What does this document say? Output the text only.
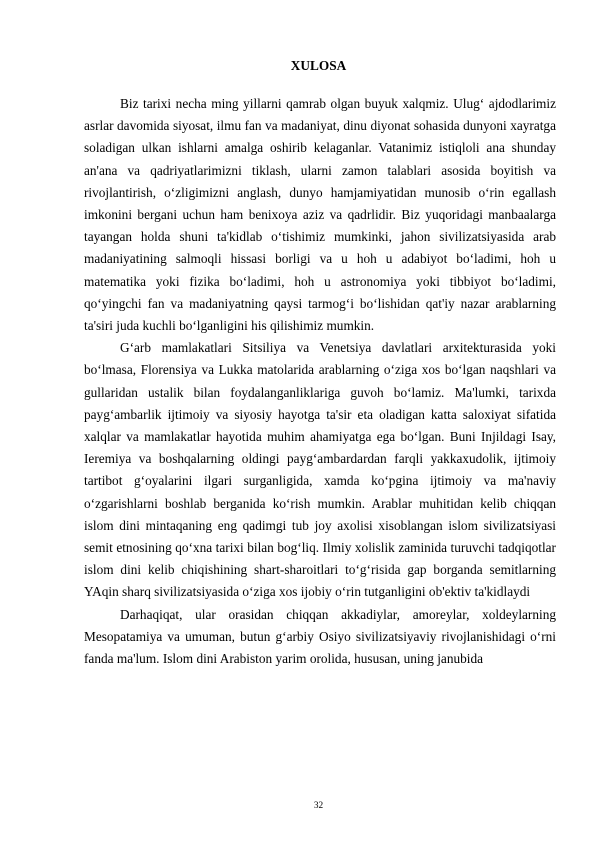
XULOSA

Biz tarixi necha ming yillarni qamrab olgan buyuk xalqmiz. Ulug‘ ajdodlarimiz asrlar davomida siyosat, ilmu fan va madaniyat, dinu diyonat sohasida dunyoni xayratga soladigan ulkan ishlarni amalga oshirib kelaganlar. Vatanimiz istiqloli ana shunday an'ana va qadriyatlarimizni tiklash, ularni zamon talablari asosida boyitish va rivojlantirish, o‘zligimizni anglash, dunyo hamjamiyatidan munosib o‘rin egallash imkonini bergani uchun ham benixoya aziz va qadrlidir. Biz yuqoridagi manbaalarga tayangan holda shuni ta'kidlab o‘tishimiz mumkinki, jahon sivilizatsiyasida arab madaniyatining salmoqli hissasi borligi va u hoh u adabiyot bo‘ladimi, hoh u matematika yoki fizika bo‘ladimi, hoh u astronomiya yoki tibbiyot bo‘ladimi, qo‘yingchi fan va madaniyatning qaysi tarmog‘i bo‘lishidan qat'iy nazar arablarning ta'siri juda kuchli bo‘lganligini his qilishimiz mumkin.

G‘arb mamlakatlari Sitsiliya va Venetsiya davlatlari arxitekturasida yoki bo‘lmasa, Florensiya va Lukka matolarida arablarning o‘ziga xos bo‘lgan naqshlari va gullaridan ustalik bilan foydalanganliklariga guvoh bo‘lamiz. Ma'lumki, tarixda payg‘ambarlik ijtimoiy va siyosiy hayotga ta'sir eta oladigan katta saloxiyat sifatida xalqlar va mamlakatlar hayotida muhim ahamiyatga ega bo‘lgan. Buni Injildagi Isay, Ieremiya va boshqalarning oldingi payg‘ambardardan farqli yakkaxudolik, ijtimoiy tartibot g‘oyalarini ilgari surganligida, xamda ko‘pgina ijtimoiy va ma'naviy o‘zgarishlarni boshlab berganida ko‘rish mumkin. Arablar muhitidan kelib chiqqan islom dini mintaqaning eng qadimgi tub joy axolisi xisoblangan islom sivilizatsiyasi semit etnosining qo‘xna tarixi bilan bog‘liq. Ilmiy xolislik zaminida turuvchi tadqiqotlar islom dini kelib chiqishining shart-sharoitlari to‘g‘risida gap borganda semitlarning YAqin sharq sivilizatsiyasida o‘ziga xos ijobiy o‘rin tutganligini ob'ektiv ta'kidlaydi

Darhaqiqat, ular orasidan chiqqan akkadiylar, amoreylar, xoldeylarning Mesopatamiya va umuman, butun g‘arbiy Osiyo sivilizatsiyaviy rivojlanishidagi o‘rni fanda ma'lum. Islom dini Arabiston yarim orolida, hususan, uning janubida

32
